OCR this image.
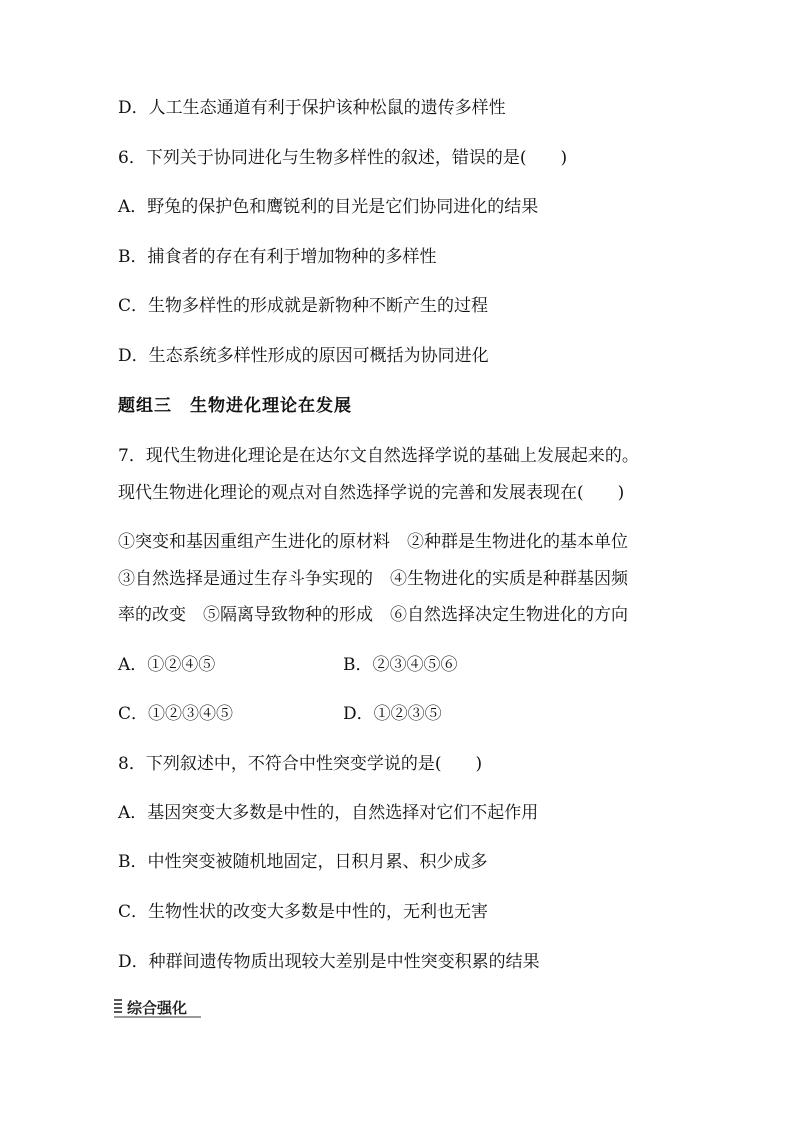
D．人工生态通道有利于保护该种松鼠的遗传多样性
6．下列关于协同进化与生物多样性的叙述，错误的是(　　)
A．野兔的保护色和鹰锐利的目光是它们协同进化的结果
B．捕食者的存在有利于增加物种的多样性
C．生物多样性的形成就是新物种不断产生的过程
D．生态系统多样性形成的原因可概括为协同进化
题组三　生物进化理论在发展
7．现代生物进化理论是在达尔文自然选择学说的基础上发展起来的。
现代生物进化理论的观点对自然选择学说的完善和发展表现在(　　)
①突变和基因重组产生进化的原材料　②种群是生物进化的基本单位
③自然选择是通过生存斗争实现的　④生物进化的实质是种群基因频
率的改变　⑤隔离导致物种的形成　⑥自然选择决定生物进化的方向
A．①②④⑤	B．②③④⑤⑥
C．①②③④⑤	D．①②③⑤
8．下列叙述中，不符合中性突变学说的是(　　)
A．基因突变大多数是中性的，自然选择对它们不起作用
B．中性突变被随机地固定，日积月累、积少成多
C．生物性状的改变大多数是中性的，无利也无害
D．种群间遗传物质出现较大差别是中性突变积累的结果
综合强化
